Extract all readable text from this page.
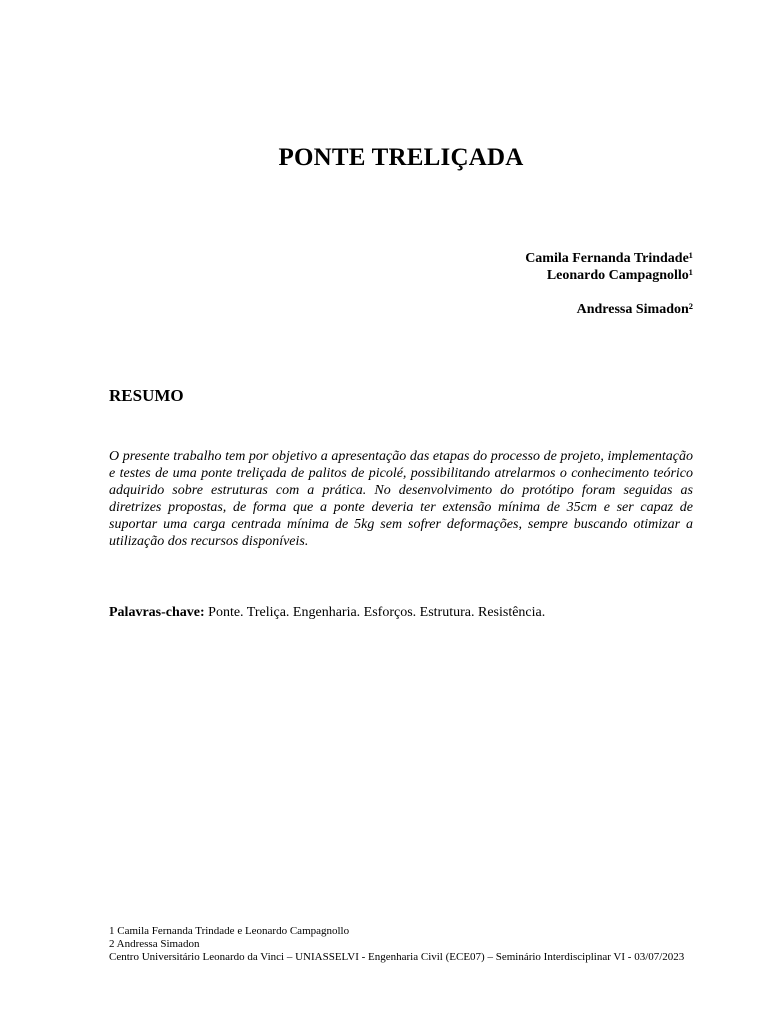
PONTE TRELIÇADA
Camila Fernanda Trindade¹
Leonardo Campagnollo¹
Andressa Simadon²
RESUMO

O presente trabalho tem por objetivo a apresentação das etapas do processo de projeto, implementação e testes de uma ponte treliçada de palitos de picolé, possibilitando atrelarmos o conhecimento teórico adquirido sobre estruturas com a prática. No desenvolvimento do protótipo foram seguidas as diretrizes propostas, de forma que a ponte deveria ter extensão mínima de 35cm e ser capaz de suportar uma carga centrada mínima de 5kg sem sofrer deformações, sempre buscando otimizar a utilização dos recursos disponíveis.

Palavras-chave: Ponte. Treliça. Engenharia. Esforços. Estrutura. Resistência.

1 Camila Fernanda Trindade e Leonardo Campagnollo
2 Andressa Simadon
Centro Universitário Leonardo da Vinci – UNIASSELVI - Engenharia Civil (ECE07) – Seminário Interdisciplinar VI - 03/07/2023
